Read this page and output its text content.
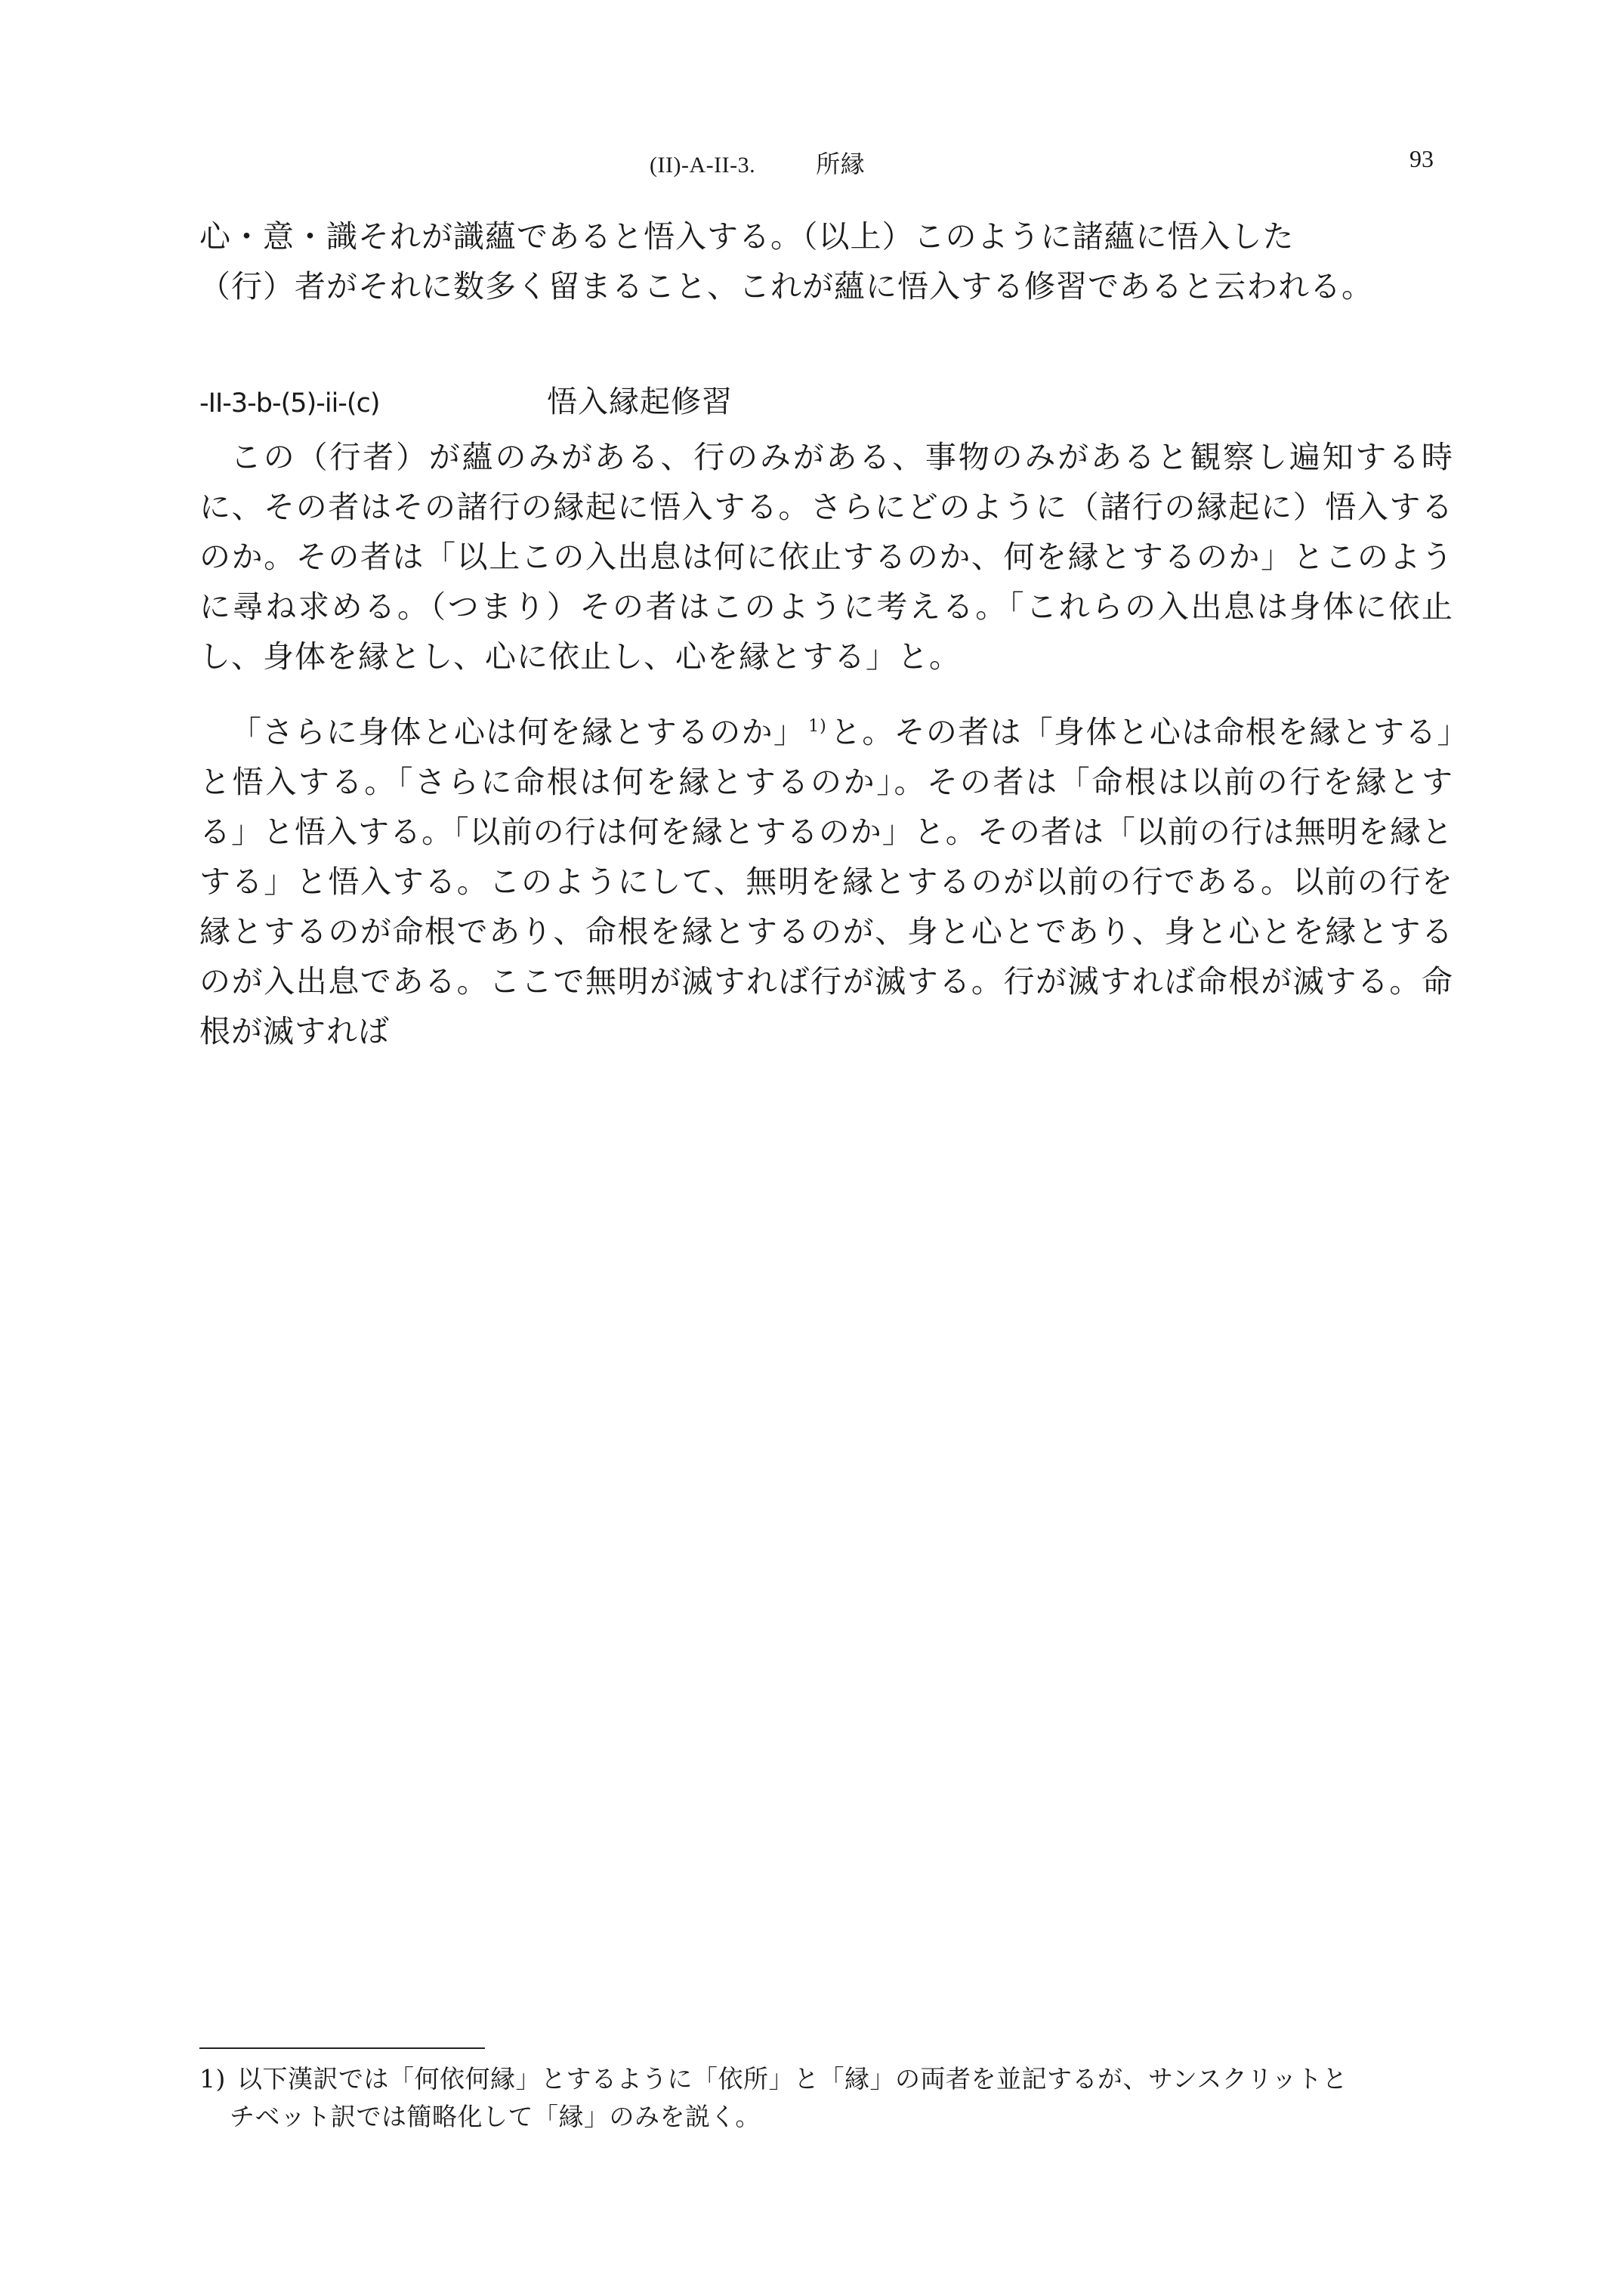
(II)-A-II-3.	所縁	93

心・意・識それが識蘊であると悟入する。（以上）このように諸蘊に悟入した

（行）者がそれに数多く留まること、これが蘊に悟入する修習であると云われる。

-II-3-b-(5)-ii-(c)	悟入縁起修習

この（行者）が蘊のみがある、行のみがある、事物のみがあると観察し遍知する時に、その者はその諸行の縁起に悟入する。さらにどのように（諸行の縁起に）悟入するのか。その者は「以上この入出息は何に依止するのか、何を縁とするのか」とこのように尋ね求める。（つまり）その者はこのように考える。「これらの入出息は身体に依止し、身体を縁とし、心に依止し、心を縁とする」と。

「さらに身体と心は何を縁とするのか」 $^{1)}$と。その者は「身体と心は命根を縁とする」と悟入する。「さらに命根は何を縁とするのか」。その者は「命根は以前の行を縁とする」と悟入する。「以前の行は何を縁とするのか」と。その者は「以前の行は無明を縁とする」と悟入する。このようにして、無明を縁とするのが以前の行である。以前の行を縁とするのが命根であり、命根を縁とするのが、身と心とであり、身と心とを縁とするのが入出息である。ここで無明が滅すれば行が滅する。行が滅すれば命根が滅する。命根が滅すれば

1) 以下漢訳では「何依何縁」とするように「依所」と「縁」の両者を並記するが、サンスクリットと
チベット訳では簡略化して「縁」のみを説く。
